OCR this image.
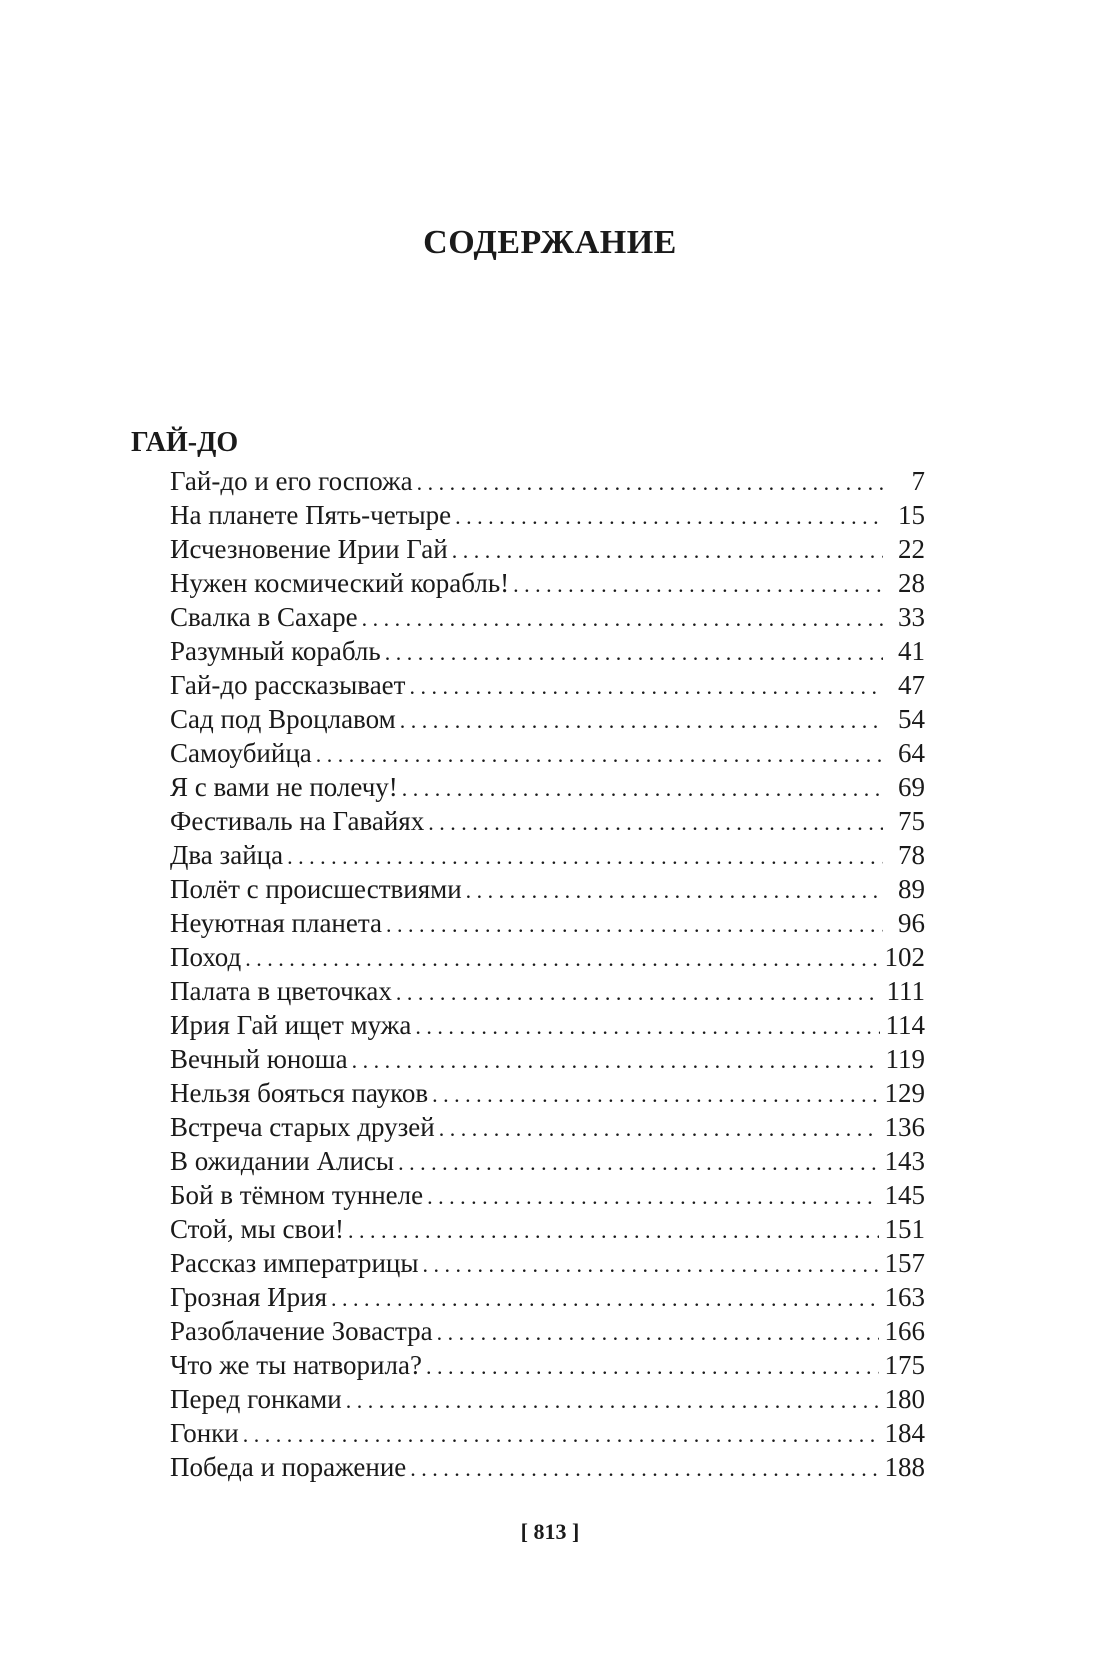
СОДЕРЖАНИЕ
ГАЙ-ДО
Гай-до и его госпожа . . .	7
На планете Пять-четыре . . .	15
Исчезновение Ирии Гай . . .	22
Нужен космический корабль! . . .	28
Свалка в Сахаре . . .	33
Разумный корабль . . .	41
Гай-до рассказывает . . .	47
Сад под Вроцлавом . . .	54
Самоубийца . . .	64
Я с вами не полечу! . . .	69
Фестиваль на Гавайях . . .	75
Два зайца . . .	78
Полёт с происшествиями . . .	89
Неуютная планета . . .	96
Поход . . .	102
Палата в цветочках . . .	111
Ирия Гай ищет мужа . . .	114
Вечный юноша . . .	119
Нельзя бояться пауков . . .	129
Встреча старых друзей . . .	136
В ожидании Алисы . . .	143
Бой в тёмном туннеле . . .	145
Стой, мы свои! . . .	151
Рассказ императрицы . . .	157
Грозная Ирия . . .	163
Разоблачение Зовастра . . .	166
Что же ты натворила? . . .	175
Перед гонками . . .	180
Гонки . . .	184
Победа и поражение . . .	188
[ 813 ]
